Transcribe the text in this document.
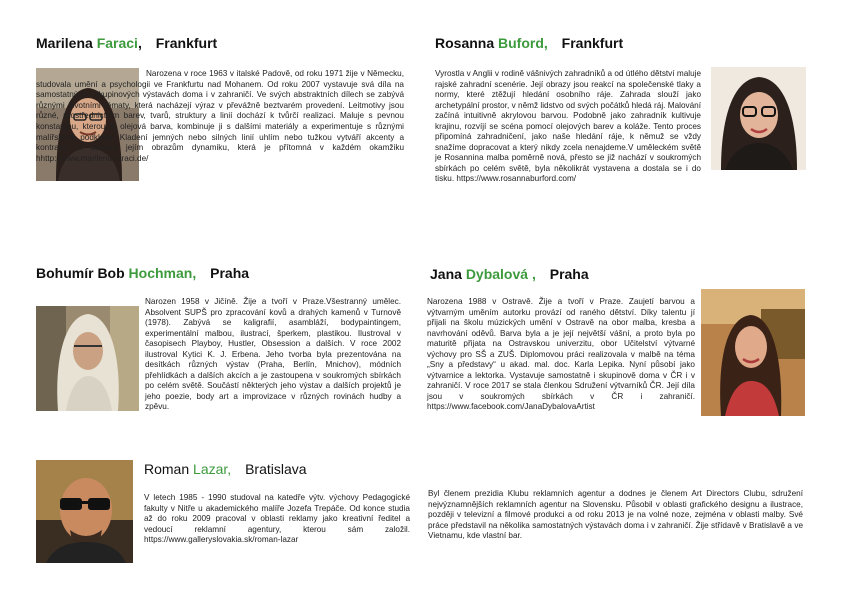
Marilena Faraci, Frankfurt
Narozena v roce 1963 v italské Padově, od roku 1971 žije v Německu, studovala umění a psychologii ve Frankfurtu nad Mohanem. Od roku 2007 vystavuje svá díla na samostatných i skupinových výstavách doma i v zahraničí. Ve svých abstraktních dílech se zabývá různými životními tématy, která nacházejí výraz v převážně beztvarém provedení. Leitmotivy jsou různé, prostřednictvím barev, tvarů, struktury a linií dochází k tvůrčí realizaci. Maluje s pevnou konstantou, kterou je olejová barva, kombinuje ji s dalšími materiály a experimentuje s různými malířskými podklady. Kladení jemných nebo silných linií uhlím nebo tužkou vytváří akcenty a kontrasty a dodává jejím obrazům dynamiku, která je přítomná v každém okamžiku hhttp://www.marilena-faraci.de/
Rosanna Buford, Frankfurt
Vyrostla v Anglii v rodině vášnivých zahradníků a od útlého dětství maluje rajské zahradní scenérie. Její obrazy jsou reakcí na společenské tlaky a normy, které ztěžují hledání osobního ráje. Zahrada slouží jako archetypální prostor, v němž lidstvo od svých počátků hledá ráj. Malování začíná intuitivně akrylovou barvou. Podobně jako zahradník kultivuje krajinu, rozvíjí se scéna pomocí olejových barev a koláže. Tento proces připomíná zahradničení, jako naše hledání ráje, k němuž se vždy snažíme dopracovat a který nikdy zcela nenajdeme.V uměleckém světě je Rosannina malba poměrně nová, přesto se již nachází v soukromých sbírkách po celém světě, byla několikrát vystavena a dostala se i do tisku. https://www.rosannaburford.com/
Bohumír Bob Hochman, Praha
Narozen 1958 v Jičíně. Žije a tvoří v Praze.Všestranný umělec. Absolvent SUPŠ pro zpracování kovů a drahých kamenů v Turnově (1978). Zabývá se kaligrafií, asambláží, bodypaintingem, experimentální malbou, ilustrací, šperkem, plastikou. Ilustroval v časopisech Playboy, Hustler, Obsession a dalších. V roce 2002 ilustroval Kytici K. J. Erbena. Jeho tvorba byla prezentována na desítkách různých výstav (Praha, Berlín, Mnichov), módních přehlídkách a dalších akcích a je zastoupena v soukromých sbírkách po celém světě. Součástí některých jeho výstav a dalších projektů je jeho poezie, body art a improvizace v různých rovinách hudby a zpěvu.
Jana Dybalová , Praha
Narozena 1988 v Ostravě. Žije a tvoří v Praze. Zaujetí barvou a výtvarným uměním autorku provází od raného dětství. Díky talentu jí přijali na školu múzických umění v Ostravě na obor malba, kresba a navrhování oděvů. Barva byla a je její největší vášní, a proto byla po maturitě přijata na Ostravskou univerzitu, obor Učitelství výtvarné výchovy pro SŠ a ZUŠ. Diplomovou práci realizovala v malbě na téma „Sny a představy“ u akad. mal. doc. Karla Lepika. Nyní působí jako výtvarnice a lektorka. Vystavuje samostatně i skupinově doma v ČR i v zahraničí. V roce 2017 se stala členkou Sdružení výtvarníků ČR. Její díla jsou v soukromých sbírkách v ČR i zahraničí. https://www.facebook.com/JanaDybalovaArtist
Roman Lazar, Bratislava
V letech 1985 - 1990 studoval na katedře výtv. výchovy Pedagogické fakulty v Nitře u akademického malíře Jozefa Trepáče. Od konce studia až do roku 2009 pracoval v oblasti reklamy jako kreativní ředitel a vedoucí reklamní agentury, kterou sám založil. https://www.galleryslovakia.sk/roman-lazar
Byl členem prezidia Klubu reklamních agentur a dodnes je členem Art Directors Clubu, sdružení nejvýznamnějších reklamních agentur na Slovensku. Působil v oblasti grafického designu a ilustrace, později v televizní a filmové produkci a od roku 2013 je na volné noze, zejména v oblasti malby. Své práce představil na několika samostatných výstavách doma i v zahraničí. Žije střídavě v Bratislavě a ve Vietnamu, kde vlastní bar.
